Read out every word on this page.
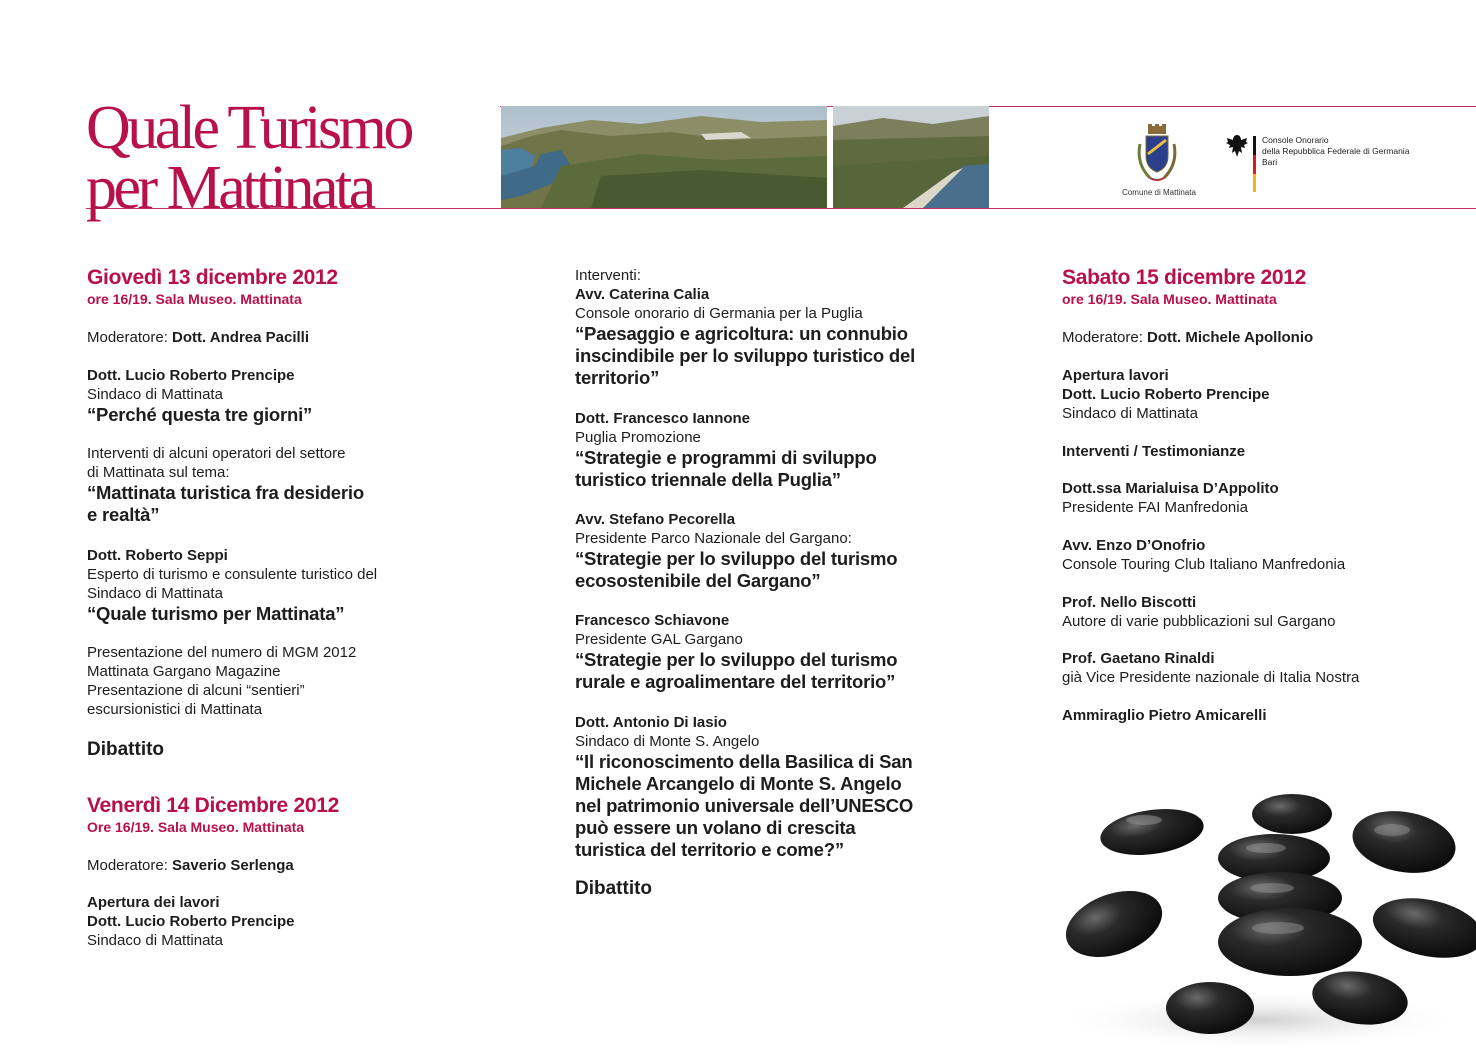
Quale Turismo
per Mattinata	Comune di Mattinata
Console Onorario
della Repubblica Federale di Germania
Bari
Giovedì 13 dicembre 2012
ore 16/19. Sala Museo. Mattinata
Moderatore: Dott. Andrea Pacilli
Dott. Lucio Roberto Prencipe
Sindaco di Mattinata
“Perché questa tre giorni”
Interventi di alcuni operatori del settore
di Mattinata sul tema:
“Mattinata turistica fra desiderio
e realtà”
Dott. Roberto Seppi
Esperto di turismo e consulente turistico del
Sindaco di Mattinata
“Quale turismo per Mattinata”
Presentazione del numero di MGM 2012
Mattinata Gargano Magazine
Presentazione di alcuni “sentieri”
escursionistici di Mattinata
Dibattito
Venerdì 14 Dicembre 2012
Ore 16/19. Sala Museo. Mattinata
Moderatore: Saverio Serlenga
Apertura dei lavori
Dott. Lucio Roberto Prencipe
Sindaco di Mattinata
Interventi:
Avv. Caterina Calia
Console onorario di Germania per la Puglia
“Paesaggio e agricoltura: un connubio
inscindibile per lo sviluppo turistico del
territorio”
Dott. Francesco Iannone
Puglia Promozione
“Strategie e programmi di sviluppo
turistico triennale della Puglia”
Avv. Stefano Pecorella
Presidente Parco Nazionale del Gargano:
“Strategie per lo sviluppo del turismo
ecosostenibile del Gargano”
Francesco Schiavone
Presidente GAL Gargano
“Strategie per lo sviluppo del turismo
rurale e agroalimentare del territorio”
Dott. Antonio Di Iasio
Sindaco di Monte S. Angelo
“Il riconoscimento della Basilica di San
Michele Arcangelo di Monte S. Angelo
nel patrimonio universale dell’UNESCO
può essere un volano di crescita
turistica del territorio e come?”
Dibattito
Sabato 15 dicembre 2012
ore 16/19. Sala Museo. Mattinata
Moderatore: Dott. Michele Apollonio
Apertura lavori
Dott. Lucio Roberto Prencipe
Sindaco di Mattinata
Interventi / Testimonianze
Dott.ssa Marialuisa D’Appolito
Presidente FAI Manfredonia
Avv. Enzo D’Onofrio
Console Touring Club Italiano Manfredonia
Prof. Nello Biscotti
Autore di varie pubblicazioni sul Gargano
Prof. Gaetano Rinaldi
già Vice Presidente nazionale di Italia Nostra
Ammiraglio Pietro Amicarelli
